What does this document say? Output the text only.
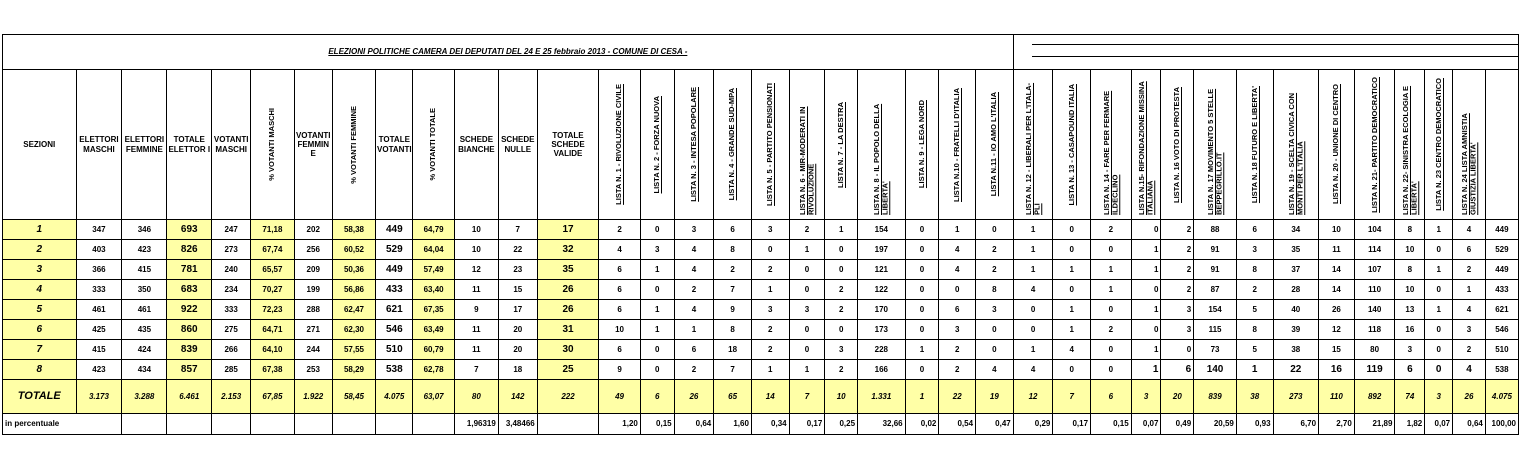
ELEZIONI POLITICHE CAMERA DEI DEPUTATI DEL 24 E 25 febbraio 2013 - COMUNE DI CESA -																																					
SEZIONI	ELETTORI MASCHI	ELETTORI FEMMINE	TOTALE ELETTOR I	VOTANTI MASCHI	% VOTANTI MASCHI	VOTANTI FEMMIN E	% VOTANTI FEMMINE	TOTALE VOTANTI	% VOTANTI TOTALE	SCHEDE BIANCHE	SCHEDE NULLE	TOTALE SCHEDE VALIDE	LISTA N. 1 - RIVOLUZIONE CIVILE	LISTA N. 2 - FORZA NUOVA	LISTA N. 3 - INTESA POPOLARE	LISTA N. 4 - GRANDE SUD-MPA	LISTA N. 5 - PARTITO PENSIONATI	LISTA N. 6 - MIR-MODERATI IN RIVOLUZIONE	LISTA N. 7 - LA DESTRA	LISTA N. 8 - IL POPOLO DELLA LIBERTA'	LISTA N. 9 - LEGA NORD	LISTA N.10 - FRATELLI D'ITALIA	LISTA N.11 - IO AMO L'ITALIA	LISTA N. 12 - LIBERALI PER L'ITALA- PLI	LISTA N. 13 - CASAPOUND ITALIA	LISTA N. 14 - FARE PER FERMARE ILDECLINO	LISTA N.15- RIFONDAZIONE MISSINA ITALIANA	LISTA N. 16 VOTO DI PROTESTA	LISTA N. 17 MOVIMENTO 5 STELLE BEPPEGRILLO.IT	LISTA N. 18 FUTURO E LIBERTA'	LISTA N. 19 - SCELTA CIVICA CON MONTI PER L'ITALIA	LISTA N. 20 - UNIONE DI CENTRO	LISTA N. 21- PARTITO DEMOCRATICO	LISTA N. 22- SINISTRA ECOLOGIA E LIBERTA'	LISTA N. 23 CENTRO DEMOCRATICO	LISTA N. 24 LISTA AMNISTIA GIUSTIZIA LIBERTA'	

1	347	346	693	247	71,18	202	58,38	449	64,79	10	7	17	2	0	3	6	3	2	1	154	0	1	0	1	0	2	0	2	88	6	34	10	104	8	1	4	449
2	403	423	826	273	67,74	256	60,52	529	64,04	10	22	32	4	3	4	8	0	1	0	197	0	4	2	1	0	0	1	2	91	3	35	11	114	10	0	6	529
3	366	415	781	240	65,57	209	50,36	449	57,49	12	23	35	6	1	4	2	2	0	0	121	0	4	2	1	1	1	1	2	91	8	37	14	107	8	1	2	449
4	333	350	683	234	70,27	199	56,86	433	63,40	11	15	26	6	0	2	7	1	0	2	122	0	0	8	4	0	1	0	2	87	2	28	14	110	10	0	1	433
5	461	461	922	333	72,23	288	62,47	621	67,35	9	17	26	6	1	4	9	3	3	2	170	0	6	3	0	1	0	1	3	154	5	40	26	140	13	1	4	621
6	425	435	860	275	64,71	271	62,30	546	63,49	11	20	31	10	1	1	8	2	0	0	173	0	3	0	0	1	2	0	3	115	8	39	12	118	16	0	3	546
7	415	424	839	266	64,10	244	57,55	510	60,79	11	20	30	6	0	6	18	2	0	3	228	1	2	0	1	4	0	1	0	73	5	38	15	80	3	0	2	510
8	423	434	857	285	67,38	253	58,29	538	62,78	7	18	25	9	0	2	7	1	1	2	166	0	2	4	4	0	0	1	6	140	1	22	16	119	6	0	4	538
TOTALE	3.173	3.288	6.461	2.153	67,85	1.922	58,45	4.075	63,07	80	142	222	49	6	26	65	14	7	10	1.331	1	22	19	12	7	6	3	20	839	38	273	110	892	74	3	26	4.075
in percentuale										1,96319	3,48466		1,20	0,15	0,64	1,60	0,34	0,17	0,25	32,66	0,02	0,54	0,47	0,29	0,17	0,15	0,07	0,49	20,59	0,93	6,70	2,70	21,89	1,82	0,07	0,64	100,00
